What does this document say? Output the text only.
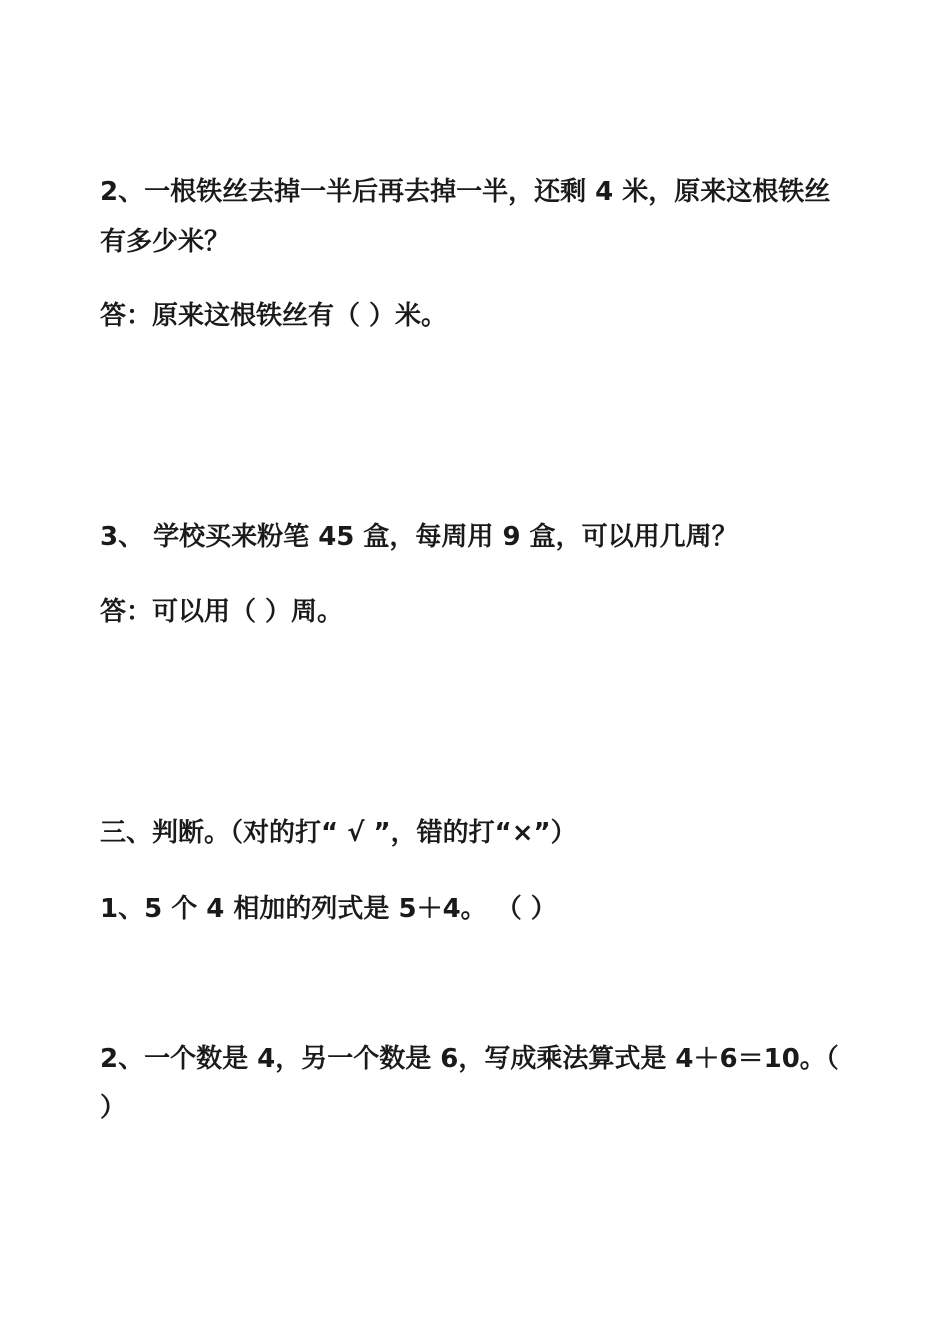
2、一根铁丝去掉一半后再去掉一半，还剩 4 米，原来这根铁丝
有多少米？
答：原来这根铁丝有（ ）米。
3、 学校买来粉笔 45 盒，每周用 9 盒，可以用几周？
答：可以用（ ）周。
三、判断。（对的打“ √ ”，错的打“×”）
1、5 个 4 相加的列式是 5＋4。 （ ）
2、一个数是 4，另一个数是 6，写成乘法算式是 4＋6＝10。（
）
